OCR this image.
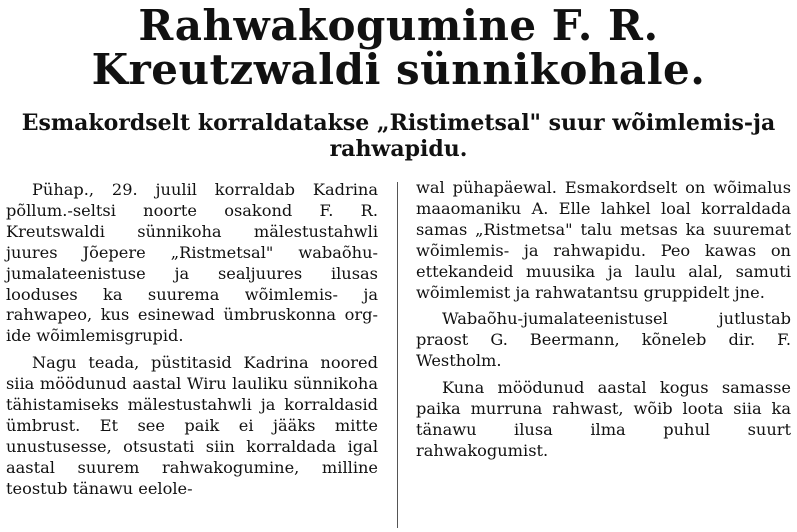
Rahwakogumine F. R. Kreutzwaldi sünnikohale.
Esmakordselt korraldatakse „Ristimetsal" suur wõimlemis-ja rahwapidu.

Pühap., 29. juulil korraldab Kadrina põllum.-seltsi noorte osakond F. R. Kreutswaldi sünnikoha mälestustahwli juures Jõepere „Ristmetsal" wabaõhu-jumalateenistuse ja sealjuures ilusas looduses ka suurema wõimlemis- ja rahwapeo, kus esinewad ümbruskonna org-ide wõimlemisgrupid.

Nagu teada, püstitasid Kadrina noored siia möödunud aastal Wiru lauliku sünnikoha tähistamiseks mälestustahwli ja korraldasid ümbrust. Et see paik ei jääks mitte unustusesse, otsustati siin korraldada igal aastal suurem rahwakogumine, milline teostub tänawu eelole-

wal pühapäewal. Esmakordselt on wõimalus maaomaniku A. Elle lahkel loal korraldada samas „Ristmetsa" talu metsas ka suuremat wõimlemis- ja rahwapidu. Peo kawas on ettekandeid muusika ja laulu alal, samuti wõimlemist ja rahwatantsu gruppidelt jne.

Wabaõhu-jumalateenistusel jutlustab praost G. Beermann, kõneleb dir. F. Westholm.

Kuna möödunud aastal kogus samasse paika murruna rahwast, wõib loota siia ka tänawu ilusa ilma puhul suurt rahwakogumist.
